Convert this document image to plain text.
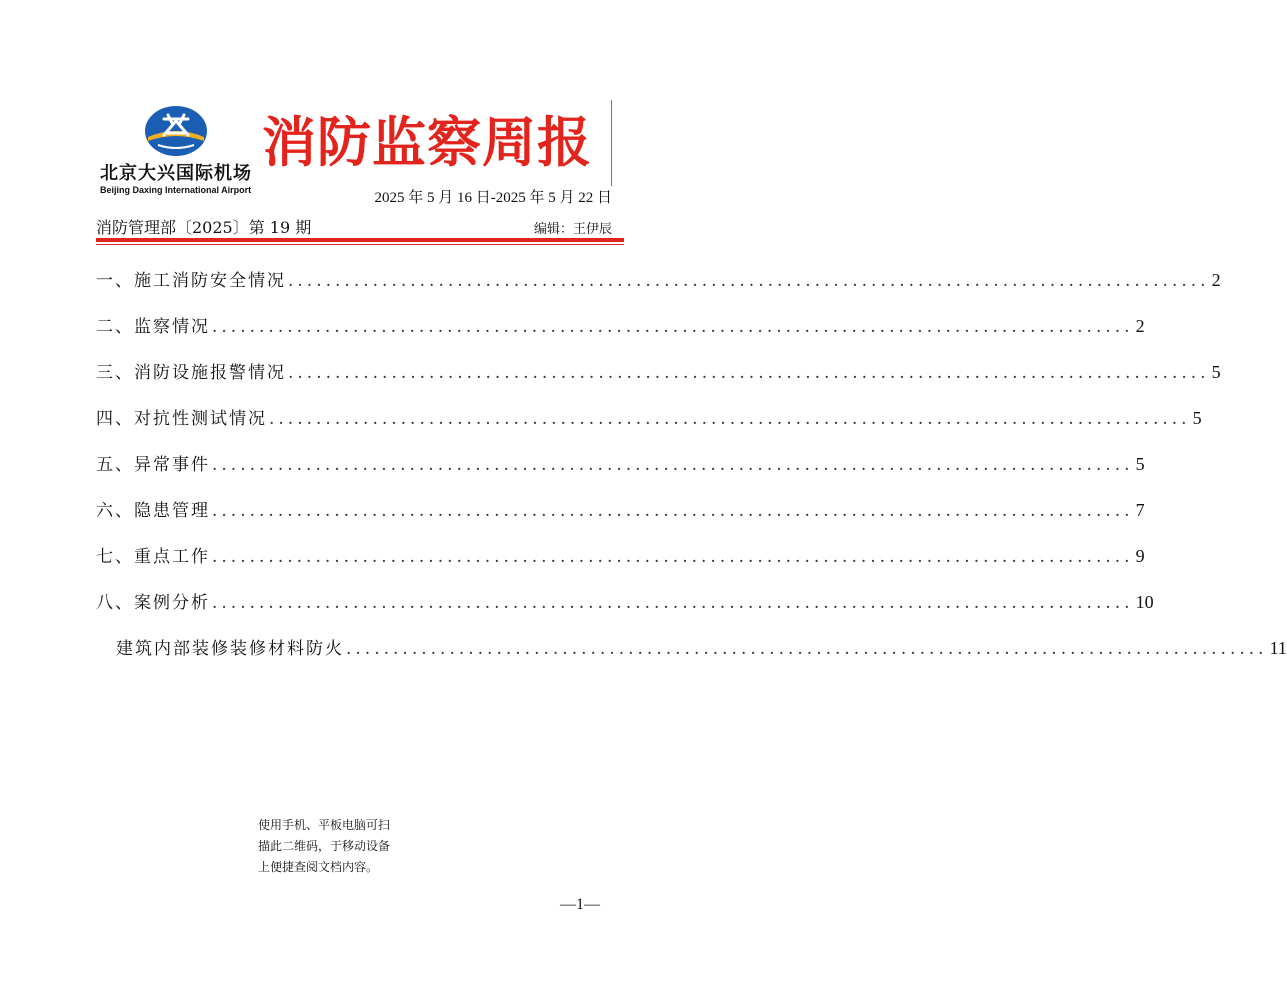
北京大兴国际机场
Beijing Daxing International Airport
消防监察周报
2025 年 5 月 16 日-2025 年 5 月 22 日
消防管理部〔2025〕第 19 期	编辑：王伊辰
一、施工消防安全情况 .................................................................................................. 2
二、监察情况 .................................................................................................. 2
三、消防设施报警情况 .................................................................................................. 5
四、对抗性测试情况 .................................................................................................. 5
五、异常事件 .................................................................................................. 5
六、隐患管理 .................................................................................................. 7
七、重点工作 .................................................................................................. 9
八、案例分析 .................................................................................................. 10
建筑内部装修装修材料防火 .................................................................................................. 11
使用手机、平板电脑可扫
描此二维码，于移动设备
上便捷查阅文档内容。
—1—
